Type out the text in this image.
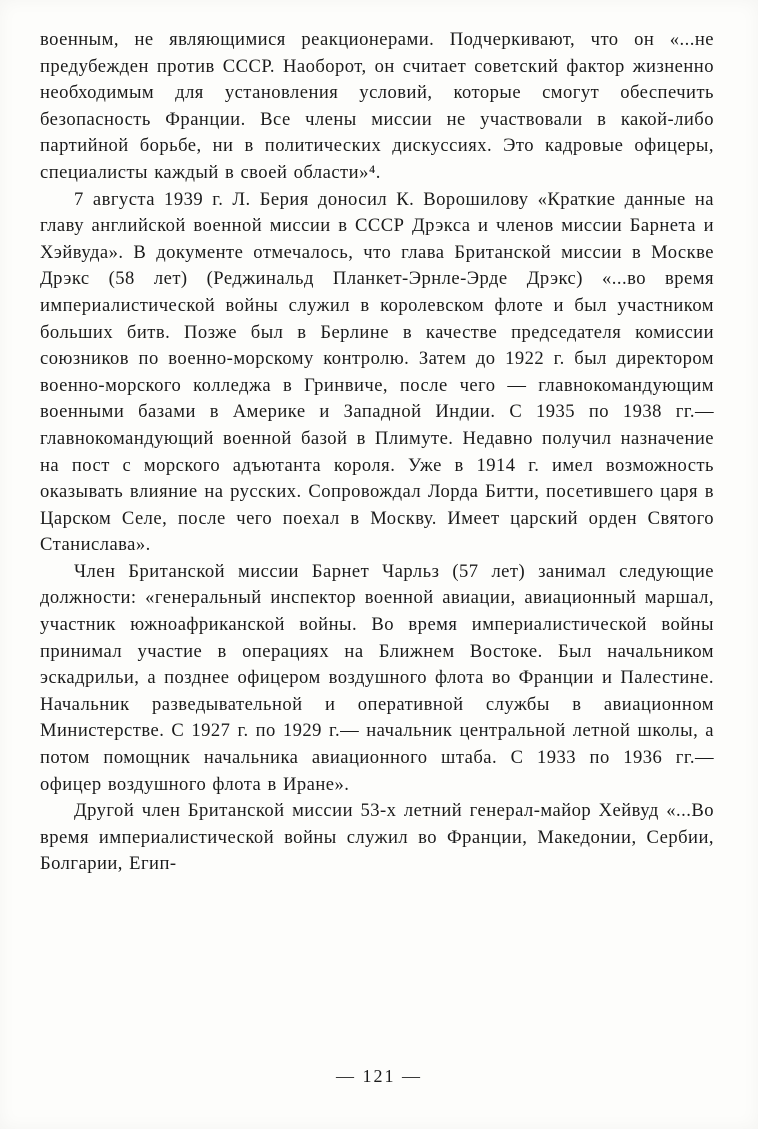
военным, не являющимися реакционерами. Подчеркивают, что он «...не предубежден против СССР. Наоборот, он считает советский фактор жизненно необходимым для установления условий, которые смогут обеспечить безопасность Франции. Все члены миссии не участвовали в какой-либо партийной борьбе, ни в политических дискуссиях. Это кадровые офицеры, специалисты каждый в своей области»⁴.

7 августа 1939 г. Л. Берия доносил К. Ворошилову «Краткие данные на главу английской военной миссии в СССР Дрэкса и членов миссии Барнета и Хэйвуда». В документе отмечалось, что глава Британской миссии в Москве Дрэкс (58 лет) (Реджинальд Планкет-Эрнле-Эрде Дрэкс) «...во время империалистической войны служил в королевском флоте и был участником больших битв. Позже был в Берлине в качестве председателя комиссии союзников по военно-морскому контролю. Затем до 1922 г. был директором военно-морского колледжа в Гринвиче, после чего — главнокомандующим военными базами в Америке и Западной Индии. С 1935 по 1938 гг.— главнокомандующий военной базой в Плимуте. Недавно получил назначение на пост с морского адъютанта короля. Уже в 1914 г. имел возможность оказывать влияние на русских. Сопровождал Лорда Битти, посетившего царя в Царском Селе, после чего поехал в Москву. Имеет царский орден Святого Станислава».

Член Британской миссии Барнет Чарльз (57 лет) занимал следующие должности: «генеральный инспектор военной авиации, авиационный маршал, участник южноафриканской войны. Во время империалистической войны принимал участие в операциях на Ближнем Востоке. Был начальником эскадрильи, а позднее офицером воздушного флота во Франции и Палестине. Начальник разведывательной и оперативной службы в авиационном Министерстве. С 1927 г. по 1929 г.— начальник центральной летной школы, а потом помощник начальника авиационного штаба. С 1933 по 1936 гг.— офицер воздушного флота в Иране».

Другой член Британской миссии 53-х летний генерал-майор Хейвуд «...Во время империалистической войны служил во Франции, Македонии, Сербии, Болгарии, Егип-

— 121 —
